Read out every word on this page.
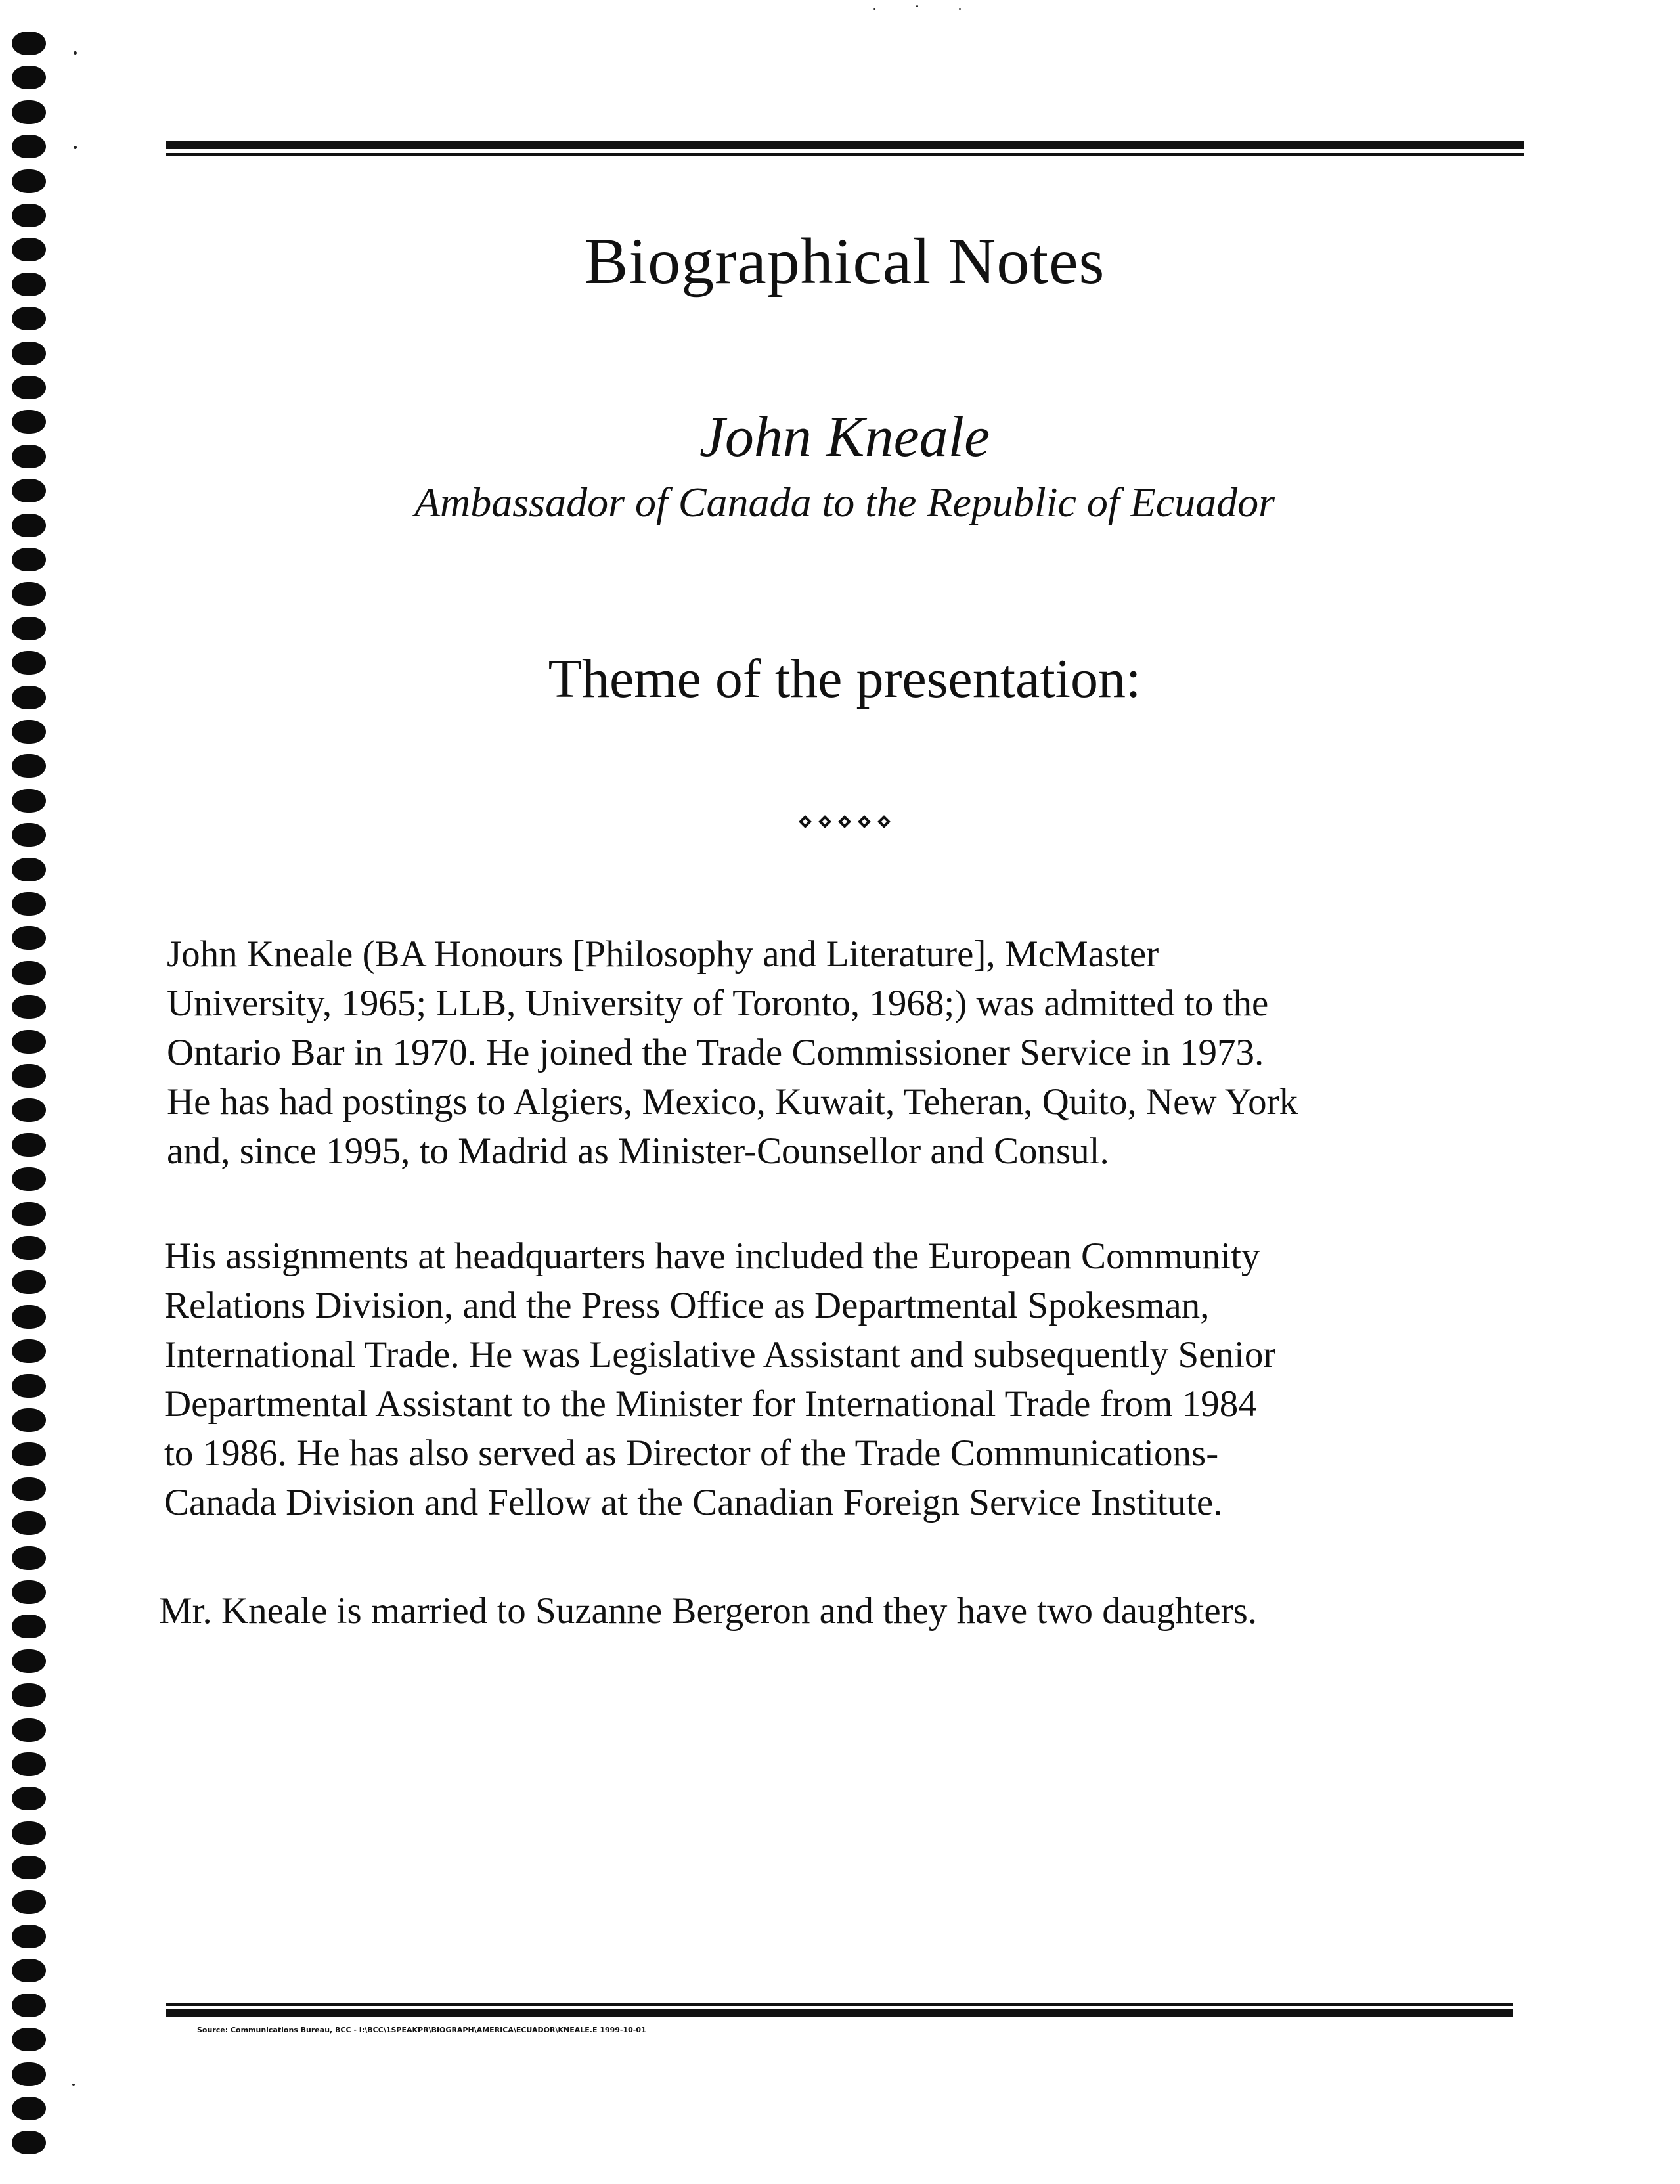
Biographical Notes
John Kneale
Ambassador of Canada to the Republic of Ecuador
Theme of the presentation:
John Kneale (BA Honours [Philosophy and Literature], McMaster
University, 1965; LLB, University of Toronto, 1968;) was admitted to the
Ontario Bar in 1970. He joined the Trade Commissioner Service in 1973.
He has had postings to Algiers, Mexico, Kuwait, Teheran, Quito, New York
and, since 1995, to Madrid as Minister-Counsellor and Consul.
His assignments at headquarters have included the European Community
Relations Division, and the Press Office as Departmental Spokesman,
International Trade. He was Legislative Assistant and subsequently Senior
Departmental Assistant to the Minister for International Trade from 1984
to 1986. He has also served as Director of the Trade Communications-
Canada Division and Fellow at the Canadian Foreign Service Institute.
Mr. Kneale is married to Suzanne Bergeron and they have two daughters.
Source: Communications Bureau, BCC - I:\BCC\1SPEAKPR\BIOGRAPH\AMERICA\ECUADOR\KNEALE.E 1999-10-01
